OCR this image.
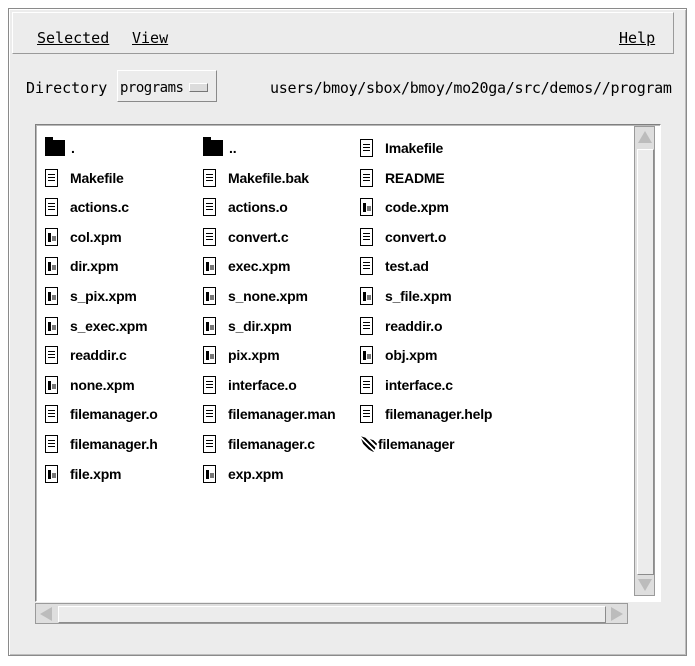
Selected View	Help
Directory programs	users/bmoy/sbox/bmoy/mo20ga/src/demos//program
.	..	Imakefile
Makefile	Makefile.bak	README
actions.c	actions.o	code.xpm
col.xpm	convert.c	convert.o
dir.xpm	exec.xpm	test.ad
s_pix.xpm	s_none.xpm	s_file.xpm
s_exec.xpm	s_dir.xpm	readdir.o
readdir.c	pix.xpm	obj.xpm
none.xpm	interface.o	interface.c
filemanager.o	filemanager.man	filemanager.help
filemanager.h	filemanager.c	filemanager
file.xpm	exp.xpm
